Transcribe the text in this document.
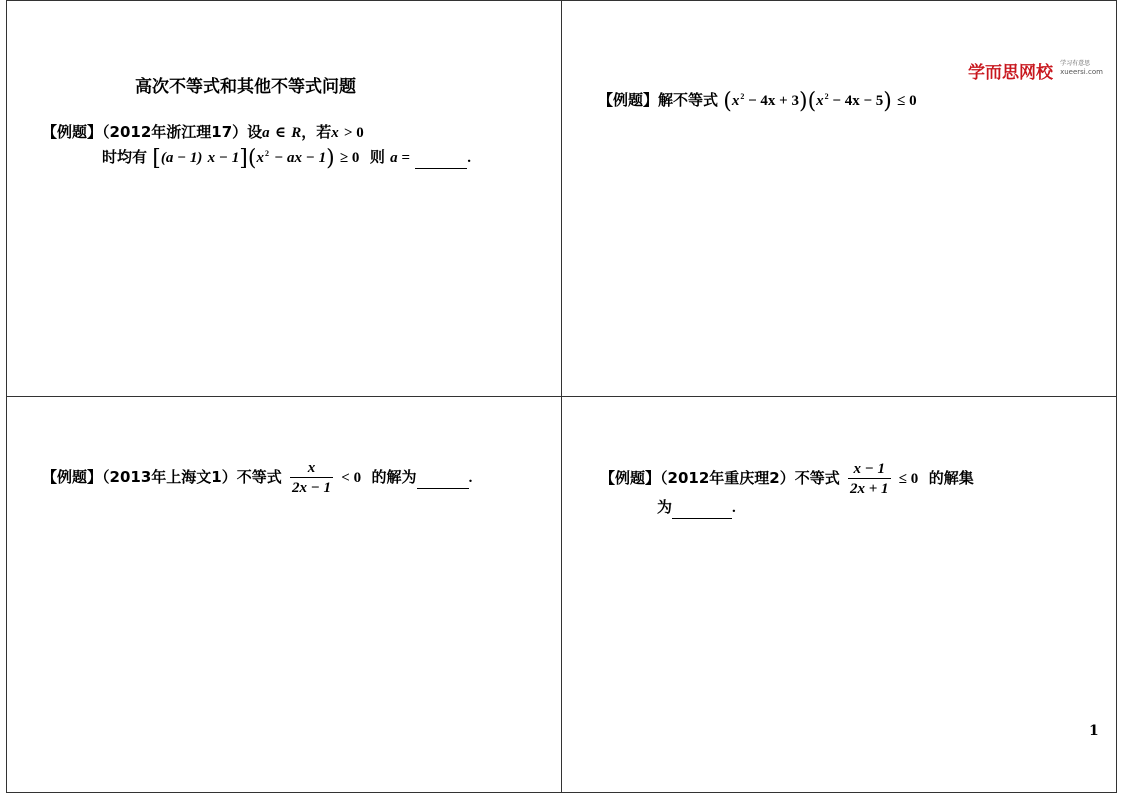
高次不等式和其他不等式问题
【例题】（2012年浙江理17）设a ∈ R，若x > 0
时均有 [(a − 1) $x - 1](x^2$ − ax − 1) ≥ 0 则 a =	.
学而思网校 学习有意思
xueersi.com
【例题】解不等式 $(x^2 - 4x + 3)(x^2 - 4x - 5) \le 0$
【例题】（2013年上海文1）不等式 $\frac{x}{2x - 1} < 0$ 的解为	.	【例题】（2012年重庆理2）不等式 $\frac{x - 1}{2x + 1} \le 0$ 的解集
为	.
1
